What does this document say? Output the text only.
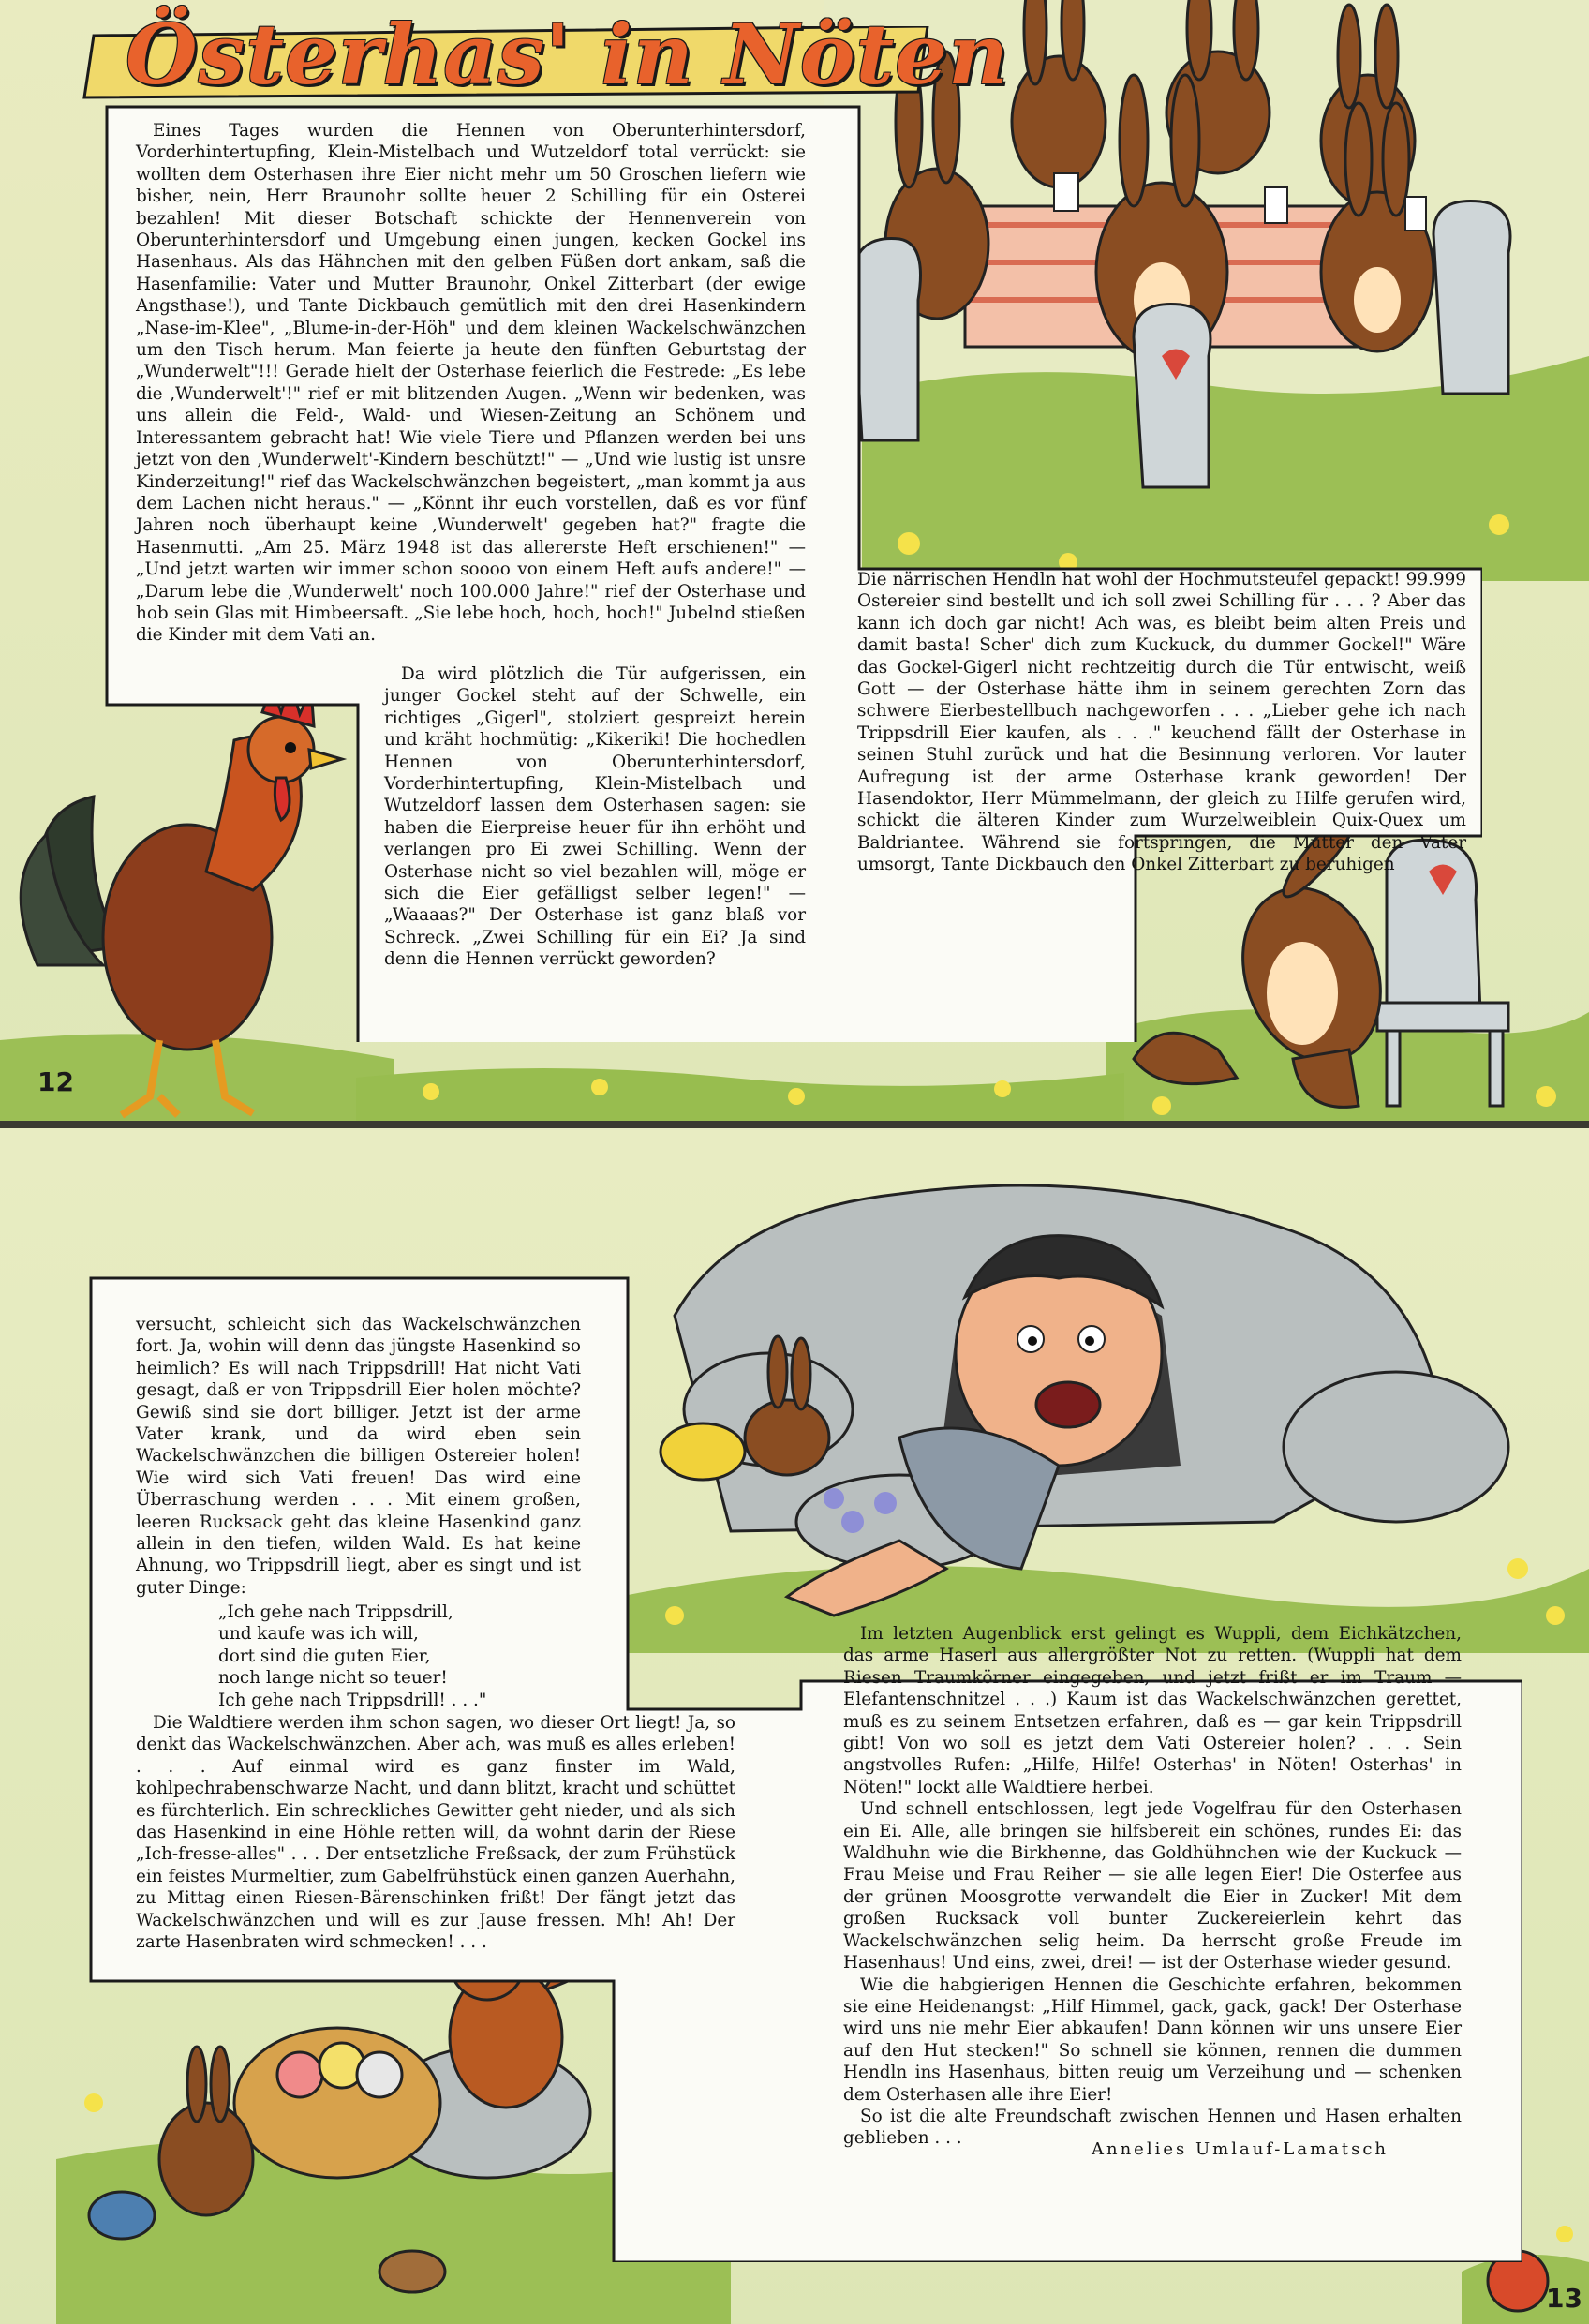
Österhas' in Nöten

Eines Tages wurden die Hennen von Oberunterhintersdorf, Vorderhintertupfing, Klein-Mistelbach und Wutzeldorf total verrückt: sie wollten dem Osterhasen ihre Eier nicht mehr um 50 Groschen liefern wie bisher, nein, Herr Braunohr sollte heuer 2 Schilling für ein Osterei bezahlen! Mit dieser Botschaft schickte der Hennenverein von Oberunterhintersdorf und Umgebung einen jungen, kecken Gockel ins Hasenhaus. Als das Hähnchen mit den gelben Füßen dort ankam, saß die Hasenfamilie: Vater und Mutter Braunohr, Onkel Zitterbart (der ewige Angsthase!), und Tante Dickbauch gemütlich mit den drei Hasenkindern „Nase-im-Klee", „Blume-in-der-Höh" und dem kleinen Wackelschwänzchen um den Tisch herum. Man feierte ja heute den fünften Geburtstag der „Wunderwelt"!!! Gerade hielt der Osterhase feierlich die Festrede: „Es lebe die ‚Wunderwelt'!" rief er mit blitzenden Augen. „Wenn wir bedenken, was uns allein die Feld-, Wald- und Wiesen-Zeitung an Schönem und Interessantem gebracht hat! Wie viele Tiere und Pflanzen werden bei uns jetzt von den ‚Wunderwelt'-Kindern beschützt!" — „Und wie lustig ist unsre Kinderzeitung!" rief das Wackelschwänzchen begeistert, „man kommt ja aus dem Lachen nicht heraus." — „Könnt ihr euch vorstellen, daß es vor fünf Jahren noch überhaupt keine ‚Wunderwelt' gegeben hat?" fragte die Hasenmutti. „Am 25. März 1948 ist das allererste Heft erschienen!" — „Und jetzt warten wir immer schon soooo von einem Heft aufs andere!" — „Darum lebe die ‚Wunderwelt' noch 100.000 Jahre!" rief der Osterhase und hob sein Glas mit Himbeersaft. „Sie lebe hoch, hoch, hoch!" Jubelnd stießen die Kinder mit dem Vati an.

Da wird plötzlich die Tür aufgerissen, ein junger Gockel steht auf der Schwelle, ein richtiges „Gigerl", stolziert gespreizt herein und kräht hochmütig: „Kikeriki! Die hochedlen Hennen von Oberunterhintersdorf, Vorderhintertupfing, Klein-Mistelbach und Wutzeldorf lassen dem Osterhasen sagen: sie haben die Eierpreise heuer für ihn erhöht und verlangen pro Ei zwei Schilling. Wenn der Osterhase nicht so viel bezahlen will, möge er sich die Eier gefälligst selber legen!" — „Waaaas?" Der Osterhase ist ganz blaß vor Schreck. „Zwei Schilling für ein Ei? Ja sind denn die Hennen verrückt geworden?

Die närrischen Hendln hat wohl der Hochmutsteufel gepackt! 99.999 Ostereier sind bestellt und ich soll zwei Schilling für . . . ? Aber das kann ich doch gar nicht! Ach was, es bleibt beim alten Preis und damit basta! Scher' dich zum Kuckuck, du dummer Gockel!" Wäre das Gockel-Gigerl nicht rechtzeitig durch die Tür entwischt, weiß Gott — der Osterhase hätte ihm in seinem gerechten Zorn das schwere Eierbestellbuch nachgeworfen . . . „Lieber gehe ich nach Trippsdrill Eier kaufen, als . . ." keuchend fällt der Osterhase in seinen Stuhl zurück und hat die Besinnung verloren. Vor lauter Aufregung ist der arme Osterhase krank geworden! Der Hasendoktor, Herr Mümmelmann, der gleich zu Hilfe gerufen wird, schickt die älteren Kinder zum Wurzelweiblein Quix-Quex um Baldriantee. Während sie fortspringen, die Mutter den Vater umsorgt, Tante Dickbauch den Onkel Zitterbart zu beruhigen

12

versucht, schleicht sich das Wackelschwänzchen fort. Ja, wohin will denn das jüngste Hasenkind so heimlich? Es will nach Trippsdrill! Hat nicht Vati gesagt, daß er von Trippsdrill Eier holen möchte? Gewiß sind sie dort billiger. Jetzt ist der arme Vater krank, und da wird eben sein Wackelschwänzchen die billigen Ostereier holen! Wie wird sich Vati freuen! Das wird eine Überraschung werden . . . Mit einem großen, leeren Rucksack geht das kleine Hasenkind ganz allein in den tiefen, wilden Wald. Es hat keine Ahnung, wo Trippsdrill liegt, aber es singt und ist guter Dinge:

„Ich gehe nach Trippsdrill,
und kaufe was ich will,
dort sind die guten Eier,
noch lange nicht so teuer!
Ich gehe nach Trippsdrill! . . ."

Die Waldtiere werden ihm schon sagen, wo dieser Ort liegt! Ja, so denkt das Wackelschwänzchen. Aber ach, was muß es alles erleben! . . . Auf einmal wird es ganz finster im Wald, kohlpechrabenschwarze Nacht, und dann blitzt, kracht und schüttet es fürchterlich. Ein schreckliches Gewitter geht nieder, und als sich das Hasenkind in eine Höhle retten will, da wohnt darin der Riese „Ich-fresse-alles" . . . Der entsetzliche Freßsack, der zum Frühstück ein feistes Murmeltier, zum Gabelfrühstück einen ganzen Auerhahn, zu Mittag einen Riesen-Bärenschinken frißt! Der fängt jetzt das Wackelschwänzchen und will es zur Jause fressen. Mh! Ah! Der zarte Hasenbraten wird schmecken! . . .

Im letzten Augenblick erst gelingt es Wuppli, dem Eichkätzchen, das arme Haserl aus allergrößter Not zu retten. (Wuppli hat dem Riesen Traumkörner eingegeben, und jetzt frißt er im Traum — Elefantenschnitzel . . .) Kaum ist das Wackelschwänzchen gerettet, muß es zu seinem Entsetzen erfahren, daß es — gar kein Trippsdrill gibt! Von wo soll es jetzt dem Vati Ostereier holen? . . . Sein angstvolles Rufen: „Hilfe, Hilfe! Osterhas' in Nöten! Osterhas' in Nöten!" lockt alle Waldtiere herbei.

Und schnell entschlossen, legt jede Vogelfrau für den Osterhasen ein Ei. Alle, alle bringen sie hilfsbereit ein schönes, rundes Ei: das Waldhuhn wie die Birkhenne, das Goldhühnchen wie der Kuckuck — Frau Meise und Frau Reiher — sie alle legen Eier! Die Osterfee aus der grünen Moosgrotte verwandelt die Eier in Zucker! Mit dem großen Rucksack voll bunter Zuckereierlein kehrt das Wackelschwänzchen selig heim. Da herrscht große Freude im Hasenhaus! Und eins, zwei, drei! — ist der Osterhase wieder gesund.

Wie die habgierigen Hennen die Geschichte erfahren, bekommen sie eine Heidenangst: „Hilf Himmel, gack, gack, gack! Der Osterhase wird uns nie mehr Eier abkaufen! Dann können wir uns unsere Eier auf den Hut stecken!" So schnell sie können, rennen die dummen Hendln ins Hasenhaus, bitten reuig um Verzeihung und — schenken dem Osterhasen alle ihre Eier!

So ist die alte Freundschaft zwischen Hennen und Hasen erhalten geblieben . . .

Annelies Umlauf-Lamatsch
13
